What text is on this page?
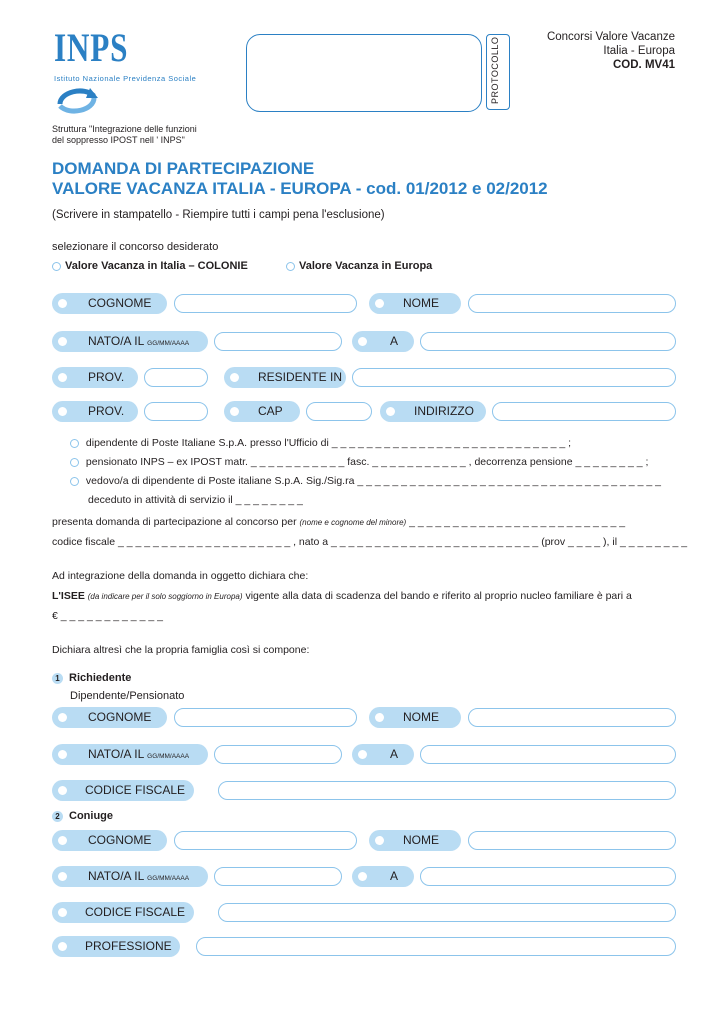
INPS
Istituto Nazionale Previdenza Sociale
Struttura "Integrazione delle funzioni
del soppresso IPOST nell ' INPS"
PROTOCOLLO	Concorsi Valore Vacanze
Italia - Europa
COD. MV41
DOMANDA DI PARTECIPAZIONE
VALORE VACANZA ITALIA - EUROPA - cod. 01/2012 e 02/2012
(Scrivere in stampatello - Riempire tutti i campi pena l'esclusione)
selezionare il concorso desiderato
Valore Vacanza in Italia – COLONIE	Valore Vacanza in Europa
COGNOME	NOME
NATO/A IL GG/MM/AAAA	A
PROV.	RESIDENTE IN
PROV.	CAP	INDIRIZZO
dipendente di Poste Italiane S.p.A. presso l'Ufficio di _ _ _ _ _ _ _ _ _ _ _ _ _ _ _ _ _ _ _ _ _ _ _ _ _ _ _ ;
pensionato INPS – ex IPOST matr. _ _ _ _ _ _ _ _ _ _ _ fasc. _ _ _ _ _ _ _ _ _ _ _ , decorrenza pensione _ _ _ _ _ _ _ _ ;
vedovo/a di dipendente di Poste italiane S.p.A. Sig./Sig.ra _ _ _ _ _ _ _ _ _ _ _ _ _ _ _ _ _ _ _ _ _ _ _ _ _ _ _ _ _ _ _ _ _ _ _
deceduto in attività di servizio il _ _ _ _ _ _ _ _
presenta domanda di partecipazione al concorso per (nome e cognome del minore) _ _ _ _ _ _ _ _ _ _ _ _ _ _ _ _ _ _ _ _ _ _ _ _ _
codice fiscale _ _ _ _ _ _ _ _ _ _ _ _ _ _ _ _ _ _ _ _ , nato a _ _ _ _ _ _ _ _ _ _ _ _ _ _ _ _ _ _ _ _ _ _ _ _ (prov _ _ _ _ ), il _ _ _ _ _ _ _ _
Ad integrazione della domanda in oggetto dichiara che:
L'ISEE (da indicare per il solo soggiorno in Europa) vigente alla data di scadenza del bando e riferito al proprio nucleo familiare è pari a
€ _ _ _ _ _ _ _ _ _ _ _ _
Dichiara altresì che la propria famiglia così si compone:
1 Richiedente
Dipendente/Pensionato
COGNOME	NOME
NATO/A IL GG/MM/AAAA	A
CODICE FISCALE
2 Coniuge
COGNOME	NOME
NATO/A IL GG/MM/AAAA	A
CODICE FISCALE
PROFESSIONE
